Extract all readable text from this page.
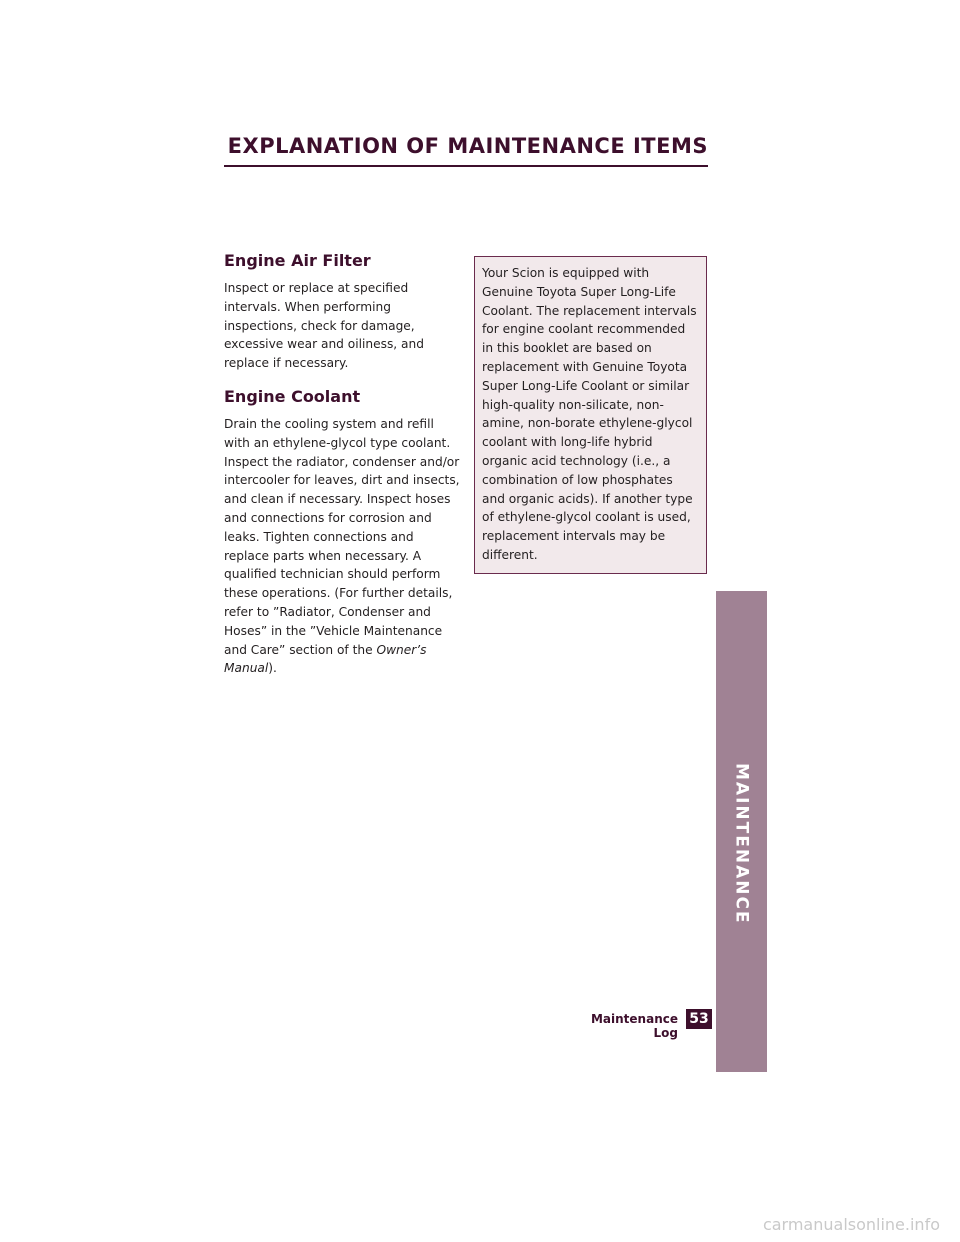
EXPLANATION OF MAINTENANCE ITEMS
Engine Air Filter

Inspect or replace at specified intervals. When performing inspections, check for damage, excessive wear and oiliness, and replace if necessary.

Engine Coolant

Drain the cooling system and refill with an ethylene-glycol type coolant. Inspect the radiator, condenser and/or intercooler for leaves, dirt and insects, and clean if necessary. Inspect hoses and connections for corrosion and leaks. Tighten connections and replace parts when necessary. A qualified technician should perform these operations. (For further details, refer to ”Radiator, Condenser and Hoses” in the ”Vehicle Maintenance and Care” section of the Owner’s Manual).

Your Scion is equipped with Genuine Toyota Super Long-Life Coolant. The replacement intervals for engine coolant recommended in this booklet are based on replacement with Genuine Toyota Super Long-Life Coolant or similar high-quality non-silicate, non-amine, non-borate ethylene-glycol coolant with long-life hybrid organic acid technology (i.e., a combination of low phosphates and organic acids). If another type of ethylene-glycol coolant is used, replacement intervals may be different.
MAINTENANCE
Maintenance Log
53
carmanualsonline.info
